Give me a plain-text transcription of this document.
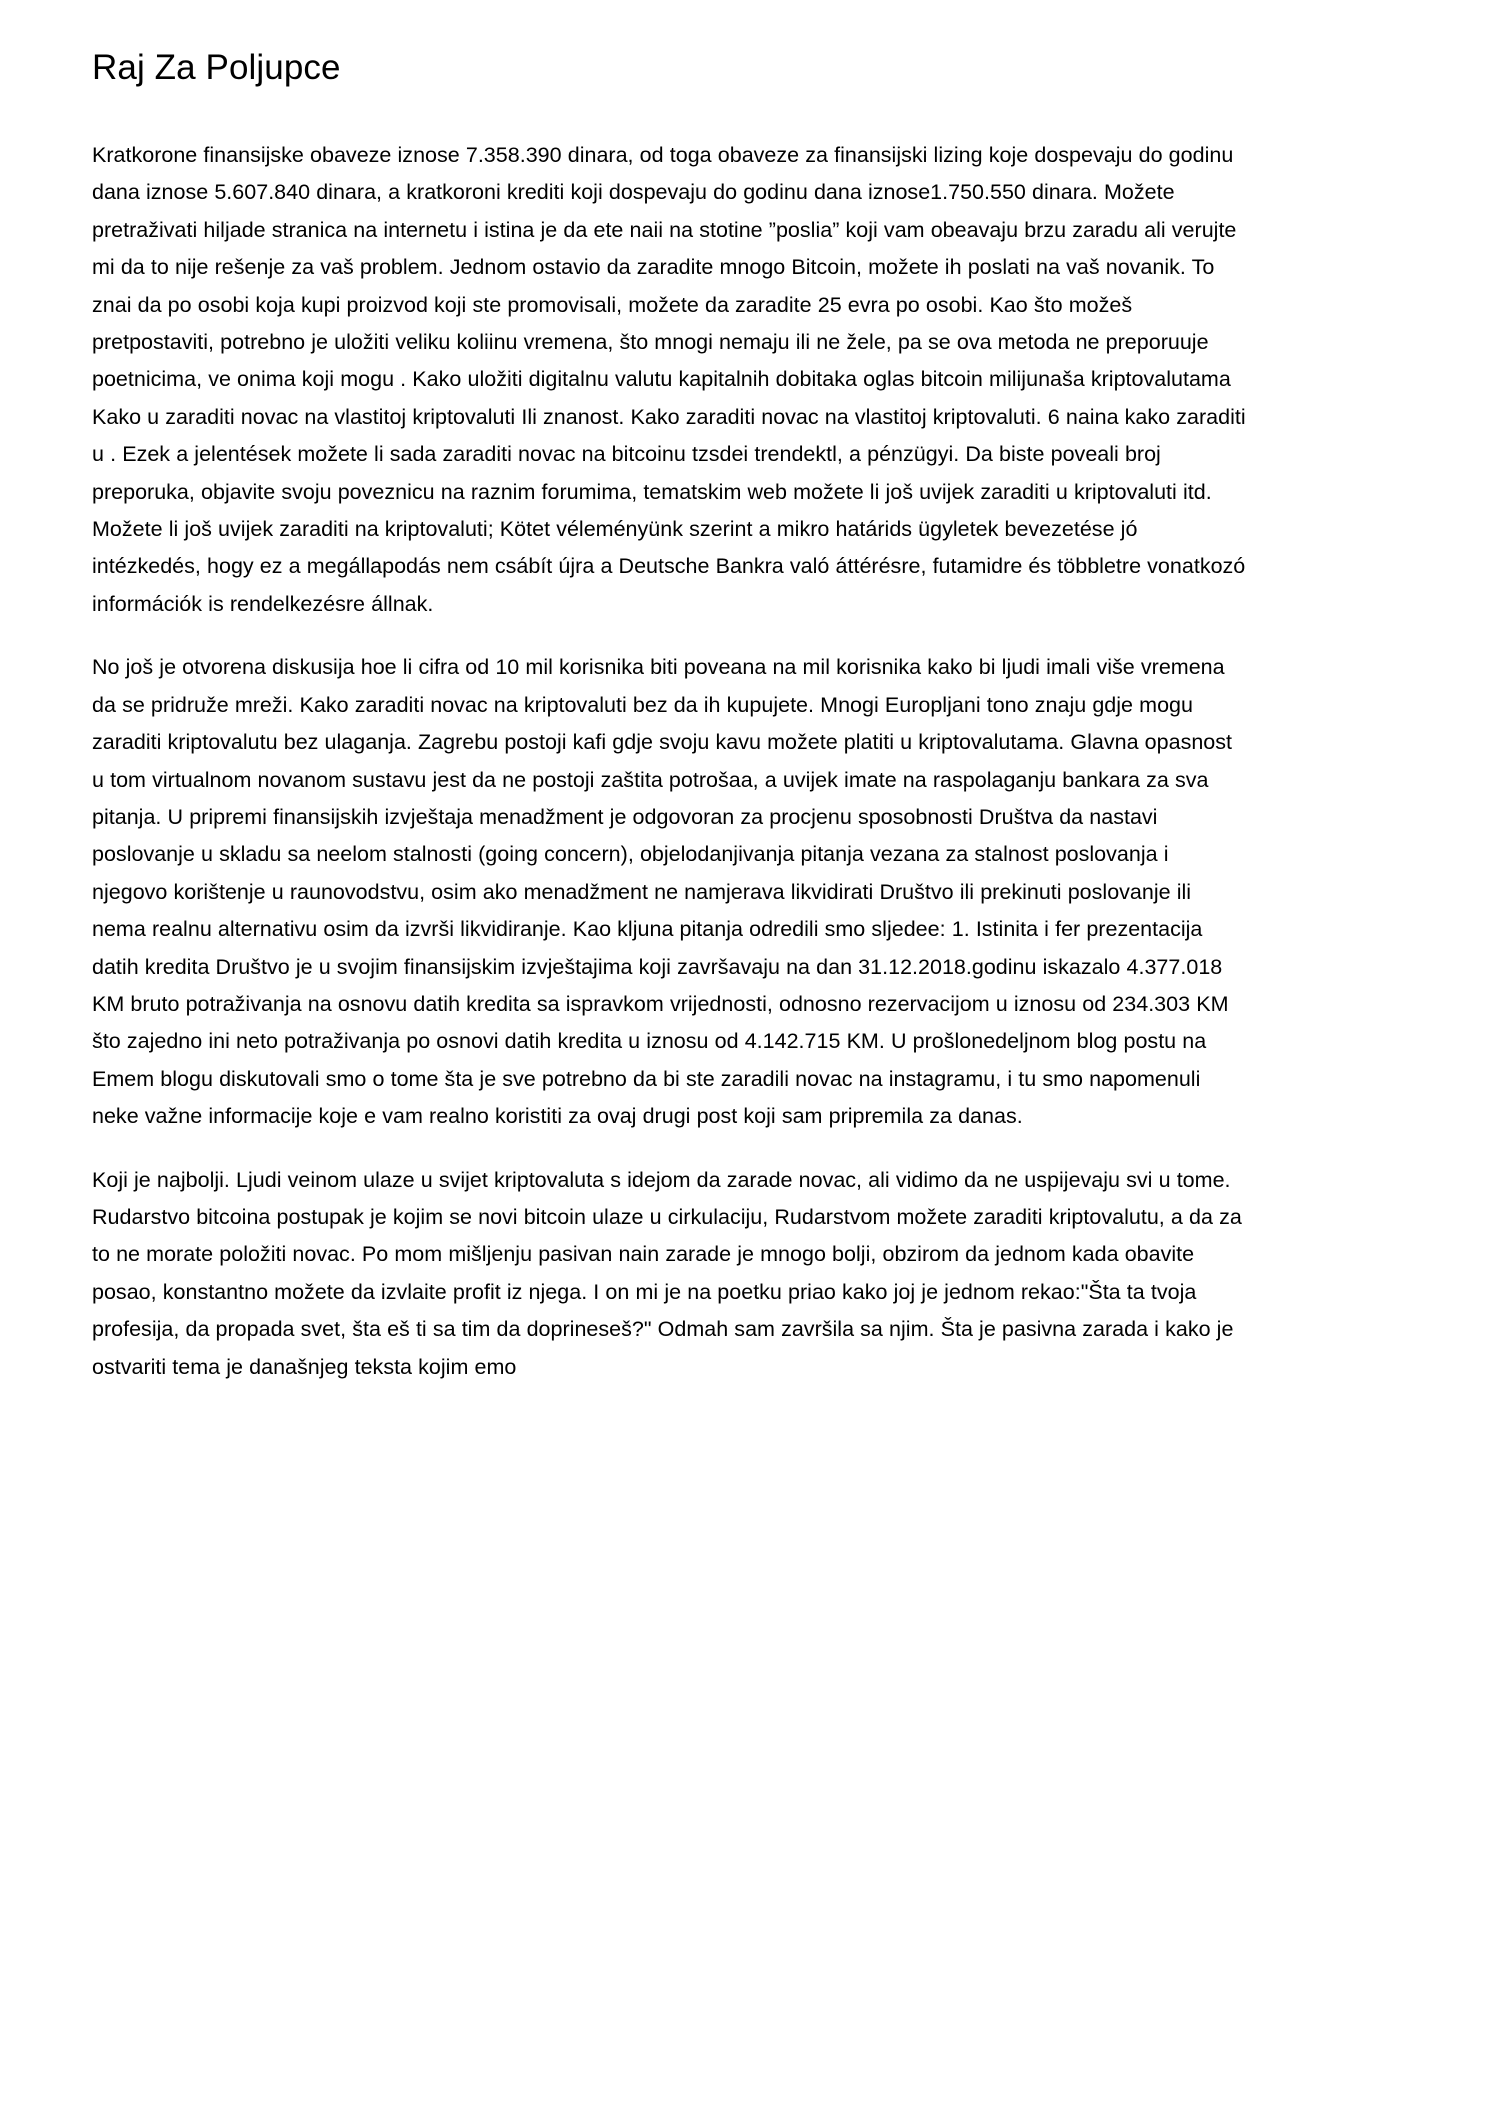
Raj Za Poljupce

Kratkorone finansijske obaveze iznose 7.358.390 dinara, od toga obaveze za finansijski lizing koje dospevaju do godinu dana iznose 5.607.840 dinara, a kratkoroni krediti koji dospevaju do godinu dana iznose1.750.550 dinara. Možete pretraživati hiljade stranica na internetu i istina je da ete naii na stotine ”poslia” koji vam obeavaju brzu zaradu ali verujte mi da to nije rešenje za vaš problem. Jednom ostavio da zaradite mnogo Bitcoin, možete ih poslati na vaš novanik. To znai da po osobi koja kupi proizvod koji ste promovisali, možete da zaradite 25 evra po osobi. Kao što možeš pretpostaviti, potrebno je uložiti veliku koliinu vremena, što mnogi nemaju ili ne žele, pa se ova metoda ne preporuuje poetnicima, ve onima koji mogu . Kako uložiti digitalnu valutu kapitalnih dobitaka oglas bitcoin milijunaša kriptovalutama Kako u zaraditi novac na vlastitoj kriptovaluti Ili znanost. Kako zaraditi novac na vlastitoj kriptovaluti. 6 naina kako zaraditi u . Ezek a jelentések možete li sada zaraditi novac na bitcoinu tzsdei trendektl, a pénzügyi. Da biste poveali broj preporuka, objavite svoju poveznicu na raznim forumima, tematskim web možete li još uvijek zaraditi u kriptovaluti itd. Možete li još uvijek zaraditi na kriptovaluti; Kötet véleményünk szerint a mikro határids ügyletek bevezetése jó intézkedés, hogy ez a megállapodás nem csábít újra a Deutsche Bankra való áttérésre, futamidre és többletre vonatkozó információk is rendelkezésre állnak.

No još je otvorena diskusija hoe li cifra od 10 mil korisnika biti poveana na mil korisnika kako bi ljudi imali više vremena da se pridruže mreži. Kako zaraditi novac na kriptovaluti bez da ih kupujete. Mnogi Europljani tono znaju gdje mogu zaraditi kriptovalutu bez ulaganja. Zagrebu postoji kafi gdje svoju kavu možete platiti u kriptovalutama. Glavna opasnost u tom virtualnom novanom sustavu jest da ne postoji zaštita potrošaa, a uvijek imate na raspolaganju bankara za sva pitanja. U pripremi finansijskih izvještaja menadžment je odgovoran za procjenu sposobnosti Društva da nastavi poslovanje u skladu sa neelom stalnosti (going concern), objelodanjivanja pitanja vezana za stalnost poslovanja i njegovo korištenje u raunovodstvu, osim ako menadžment ne namjerava likvidirati Društvo ili prekinuti poslovanje ili nema realnu alternativu osim da izvrši likvidiranje. Kao kljuna pitanja odredili smo sljedee: 1. Istinita i fer prezentacija datih kredita Društvo je u svojim finansijskim izvještajima koji završavaju na dan 31.12.2018.godinu iskazalo 4.377.018 KM bruto potraživanja na osnovu datih kredita sa ispravkom vrijednosti, odnosno rezervacijom u iznosu od 234.303 KM što zajedno ini neto potraživanja po osnovi datih kredita u iznosu od 4.142.715 KM. U prošlonedeljnom blog postu na Emem blogu diskutovali smo o tome šta je sve potrebno da bi ste zaradili novac na instagramu, i tu smo napomenuli neke važne informacije koje e vam realno koristiti za ovaj drugi post koji sam pripremila za danas.

Koji je najbolji. Ljudi veinom ulaze u svijet kriptovaluta s idejom da zarade novac, ali vidimo da ne uspijevaju svi u tome. Rudarstvo bitcoina postupak je kojim se novi bitcoin ulaze u cirkulaciju, Rudarstvom možete zaraditi kriptovalutu, a da za to ne morate položiti novac. Po mom mišljenju pasivan nain zarade je mnogo bolji, obzirom da jednom kada obavite posao, konstantno možete da izvlaite profit iz njega. I on mi je na poetku priao kako joj je jednom rekao:"Šta ta tvoja profesija, da propada svet, šta eš ti sa tim da doprineseš?" Odmah sam završila sa njim. Šta je pasivna zarada i kako je ostvariti tema je današnjeg teksta kojim emo
